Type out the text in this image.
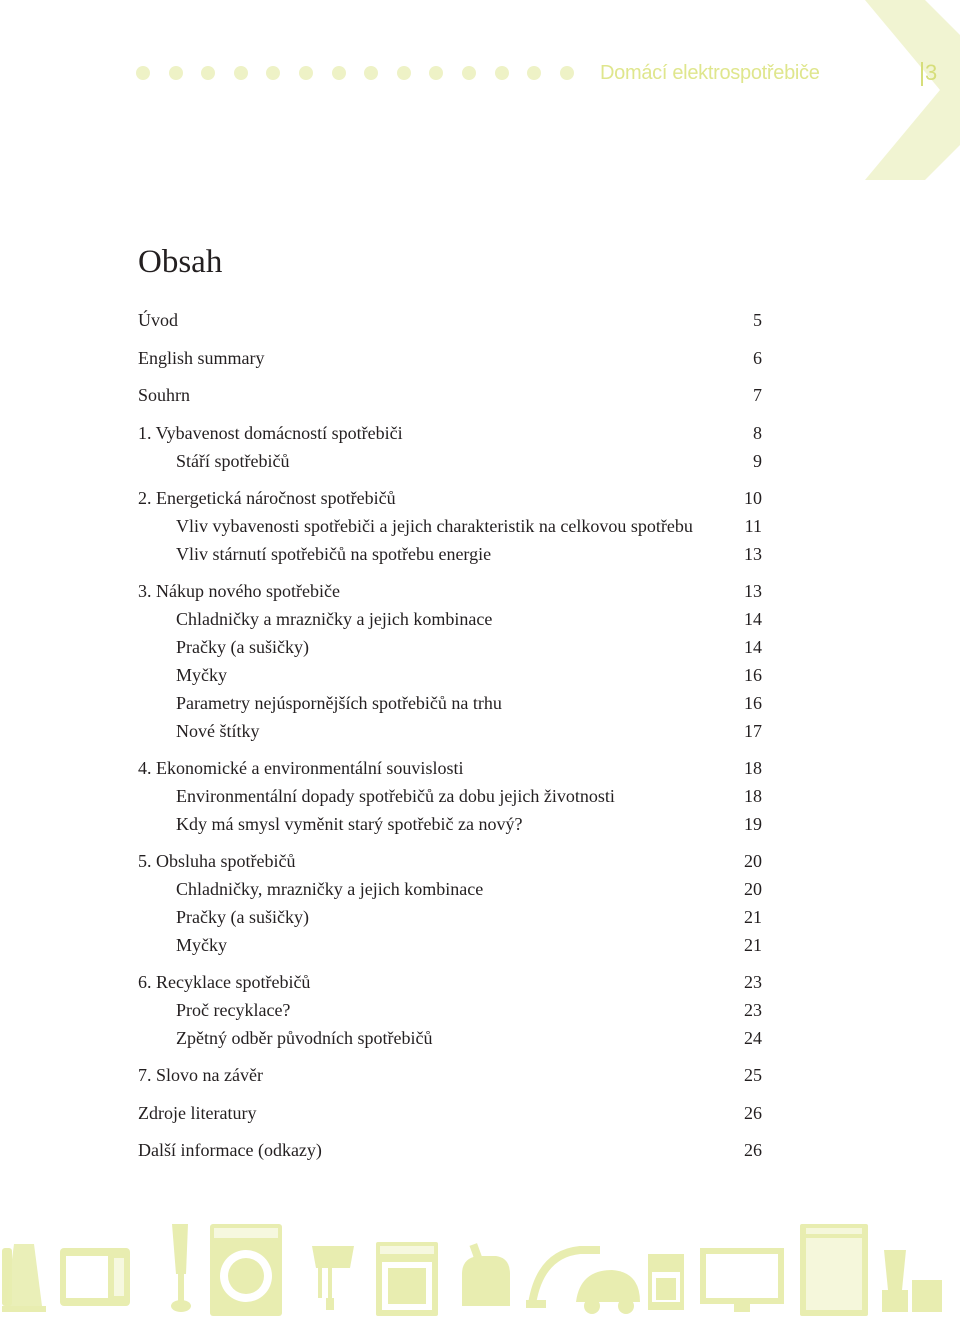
Domácí elektrospotřebiče	3
Obsah
Úvod	5
English summary	6
Souhrn	7
1. Vybavenost domácností spotřebiči	8
Stáří spotřebičů	9
2. Energetická náročnost spotřebičů	10
Vliv vybavenosti spotřebiči a jejich charakteristik na celkovou spotřebu	11
Vliv stárnutí spotřebičů na spotřebu energie	13
3. Nákup nového spotřebiče	13
Chladničky a mrazničky a jejich kombinace	14
Pračky (a sušičky)	14
Myčky	16
Parametry nejúspornějších spotřebičů na trhu	16
Nové štítky	17
4. Ekonomické a environmentální souvislosti	18
Environmentální dopady spotřebičů za dobu jejich životnosti	18
Kdy má smysl vyměnit starý spotřebič za nový?	19
5. Obsluha spotřebičů	20
Chladničky, mrazničky a jejich kombinace	20
Pračky (a sušičky)	21
Myčky	21
6. Recyklace spotřebičů	23
Proč recyklace?	23
Zpětný odběr původních spotřebičů	24
7. Slovo na závěr	25
Zdroje literatury	26
Další informace (odkazy)	26
